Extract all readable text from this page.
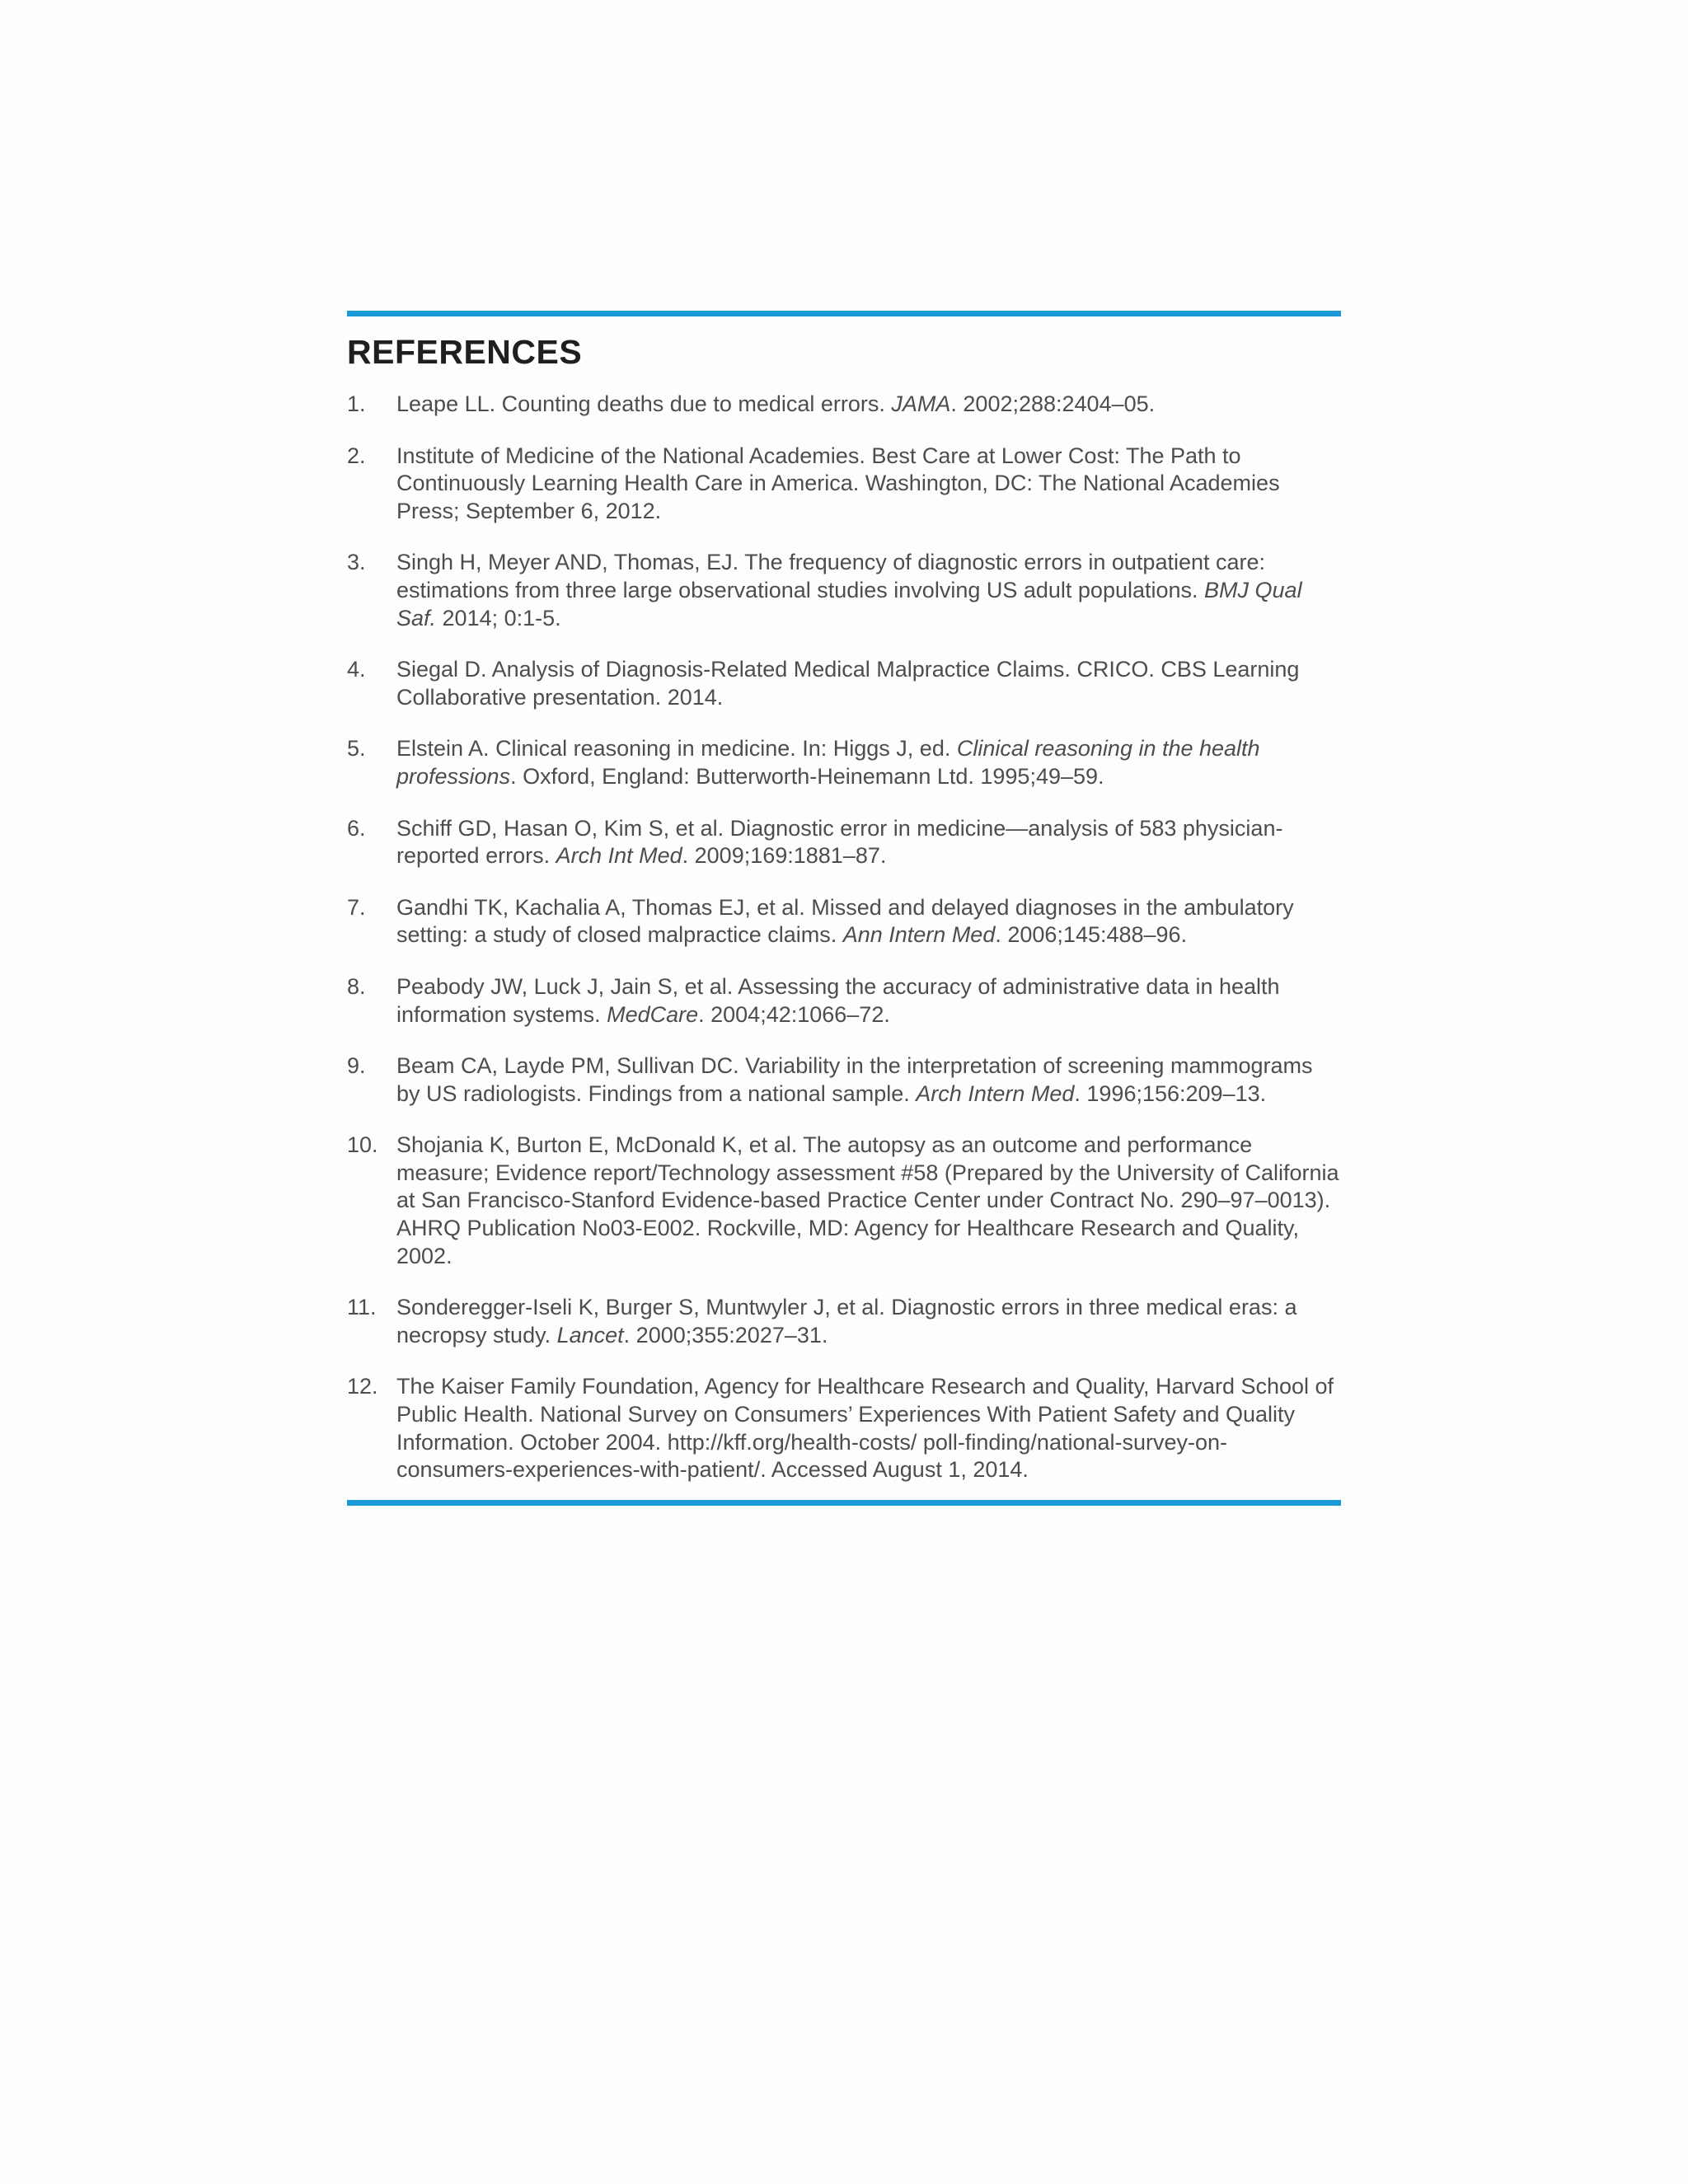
REFERENCES
1.	Leape LL. Counting deaths due to medical errors. JAMA. 2002;288:2404–05.
2.	Institute of Medicine of the National Academies. Best Care at Lower Cost: The Path to Continuously Learning Health Care in America. Washington, DC: The National Academies Press; September 6, 2012.
3.	Singh H, Meyer AND, Thomas, EJ. The frequency of diagnostic errors in outpatient care: estimations from three large observational studies involving US adult populations. BMJ Qual Saf. 2014; 0:1-5.
4.	Siegal D. Analysis of Diagnosis-Related Medical Malpractice Claims. CRICO. CBS Learning Collaborative presentation. 2014.
5.	Elstein A. Clinical reasoning in medicine. In: Higgs J, ed. Clinical reasoning in the health professions. Oxford, England: Butterworth-Heinemann Ltd. 1995;49–59.
6.	Schiff GD, Hasan O, Kim S, et al. Diagnostic error in medicine—analysis of 583 physician-reported errors. Arch Int Med. 2009;169:1881–87.
7.	Gandhi TK, Kachalia A, Thomas EJ, et al. Missed and delayed diagnoses in the ambulatory setting: a study of closed malpractice claims. Ann Intern Med. 2006;145:488–96.
8.	Peabody JW, Luck J, Jain S, et al. Assessing the accuracy of administrative data in health information systems. MedCare. 2004;42:1066–72.
9.	Beam CA, Layde PM, Sullivan DC. Variability in the interpretation of screening mammograms by US radiologists. Findings from a national sample. Arch Intern Med. 1996;156:209–13.
10. Shojania K, Burton E, McDonald K, et al. The autopsy as an outcome and performance measure; Evidence report/Technology assessment #58 (Prepared by the University of California at San Francisco-Stanford Evidence-based Practice Center under Contract No. 290–97–0013). AHRQ Publication No03-E002. Rockville, MD: Agency for Healthcare Research and Quality, 2002.
11. Sonderegger-Iseli K, Burger S, Muntwyler J, et al. Diagnostic errors in three medical eras: a necropsy study. Lancet. 2000;355:2027–31.
12. The Kaiser Family Foundation, Agency for Healthcare Research and Quality, Harvard School of Public Health. National Survey on Consumers’ Experiences With Patient Safety and Quality Information. October 2004. http://kff.org/health-costs/ poll-finding/national-survey-on-consumers-experiences-with-patient/. Accessed August 1, 2014.
